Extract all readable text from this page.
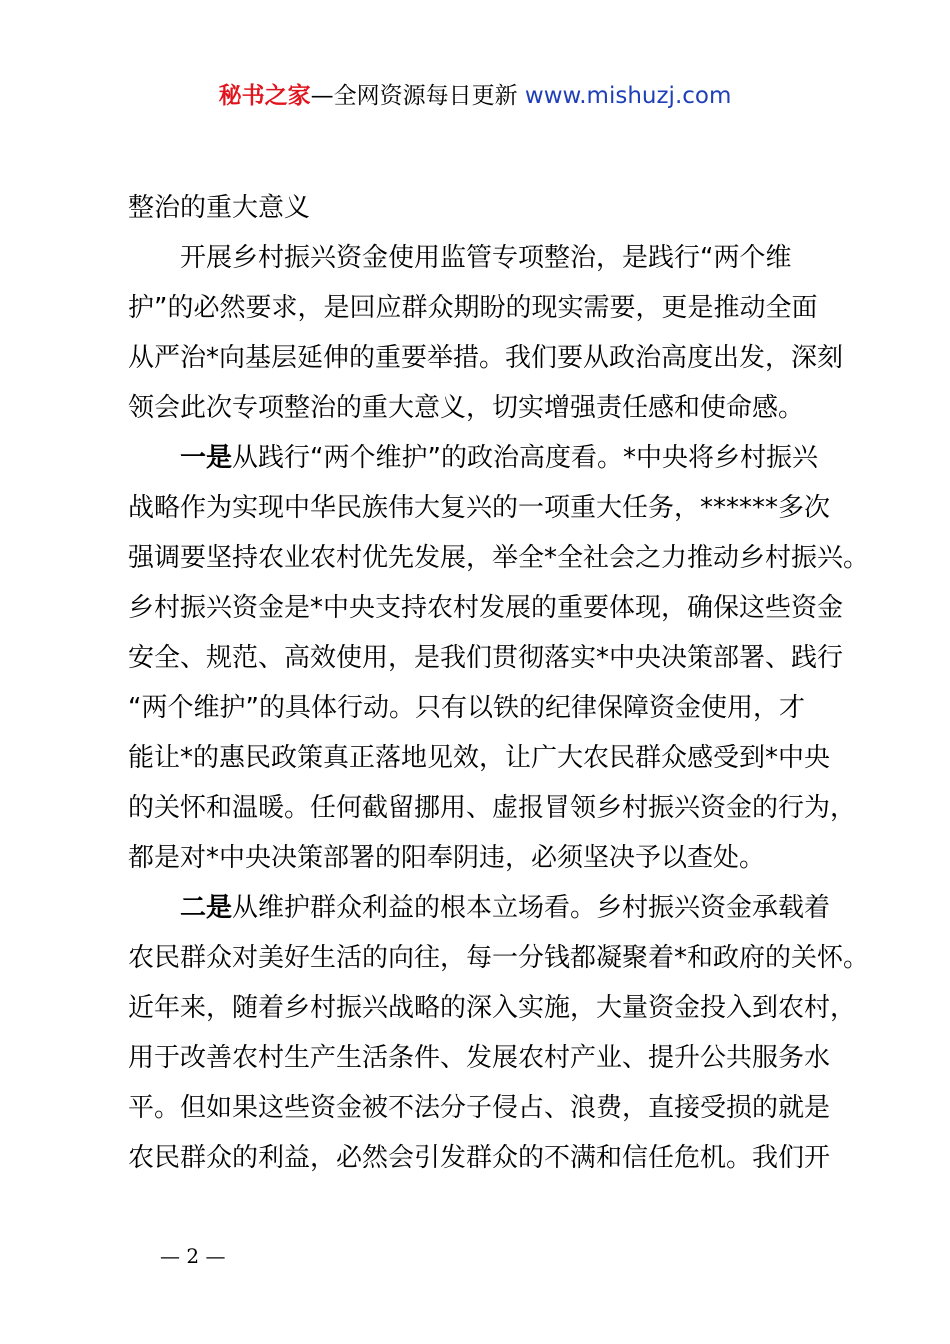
秘书之家—全网资源每日更新 www.mishuzj.com
整治的重大意义
开展乡村振兴资金使用监管专项整治，是践行“两个维
护”的必然要求，是回应群众期盼的现实需要，更是推动全面
从严治*向基层延伸的重要举措。我们要从政治高度出发，深刻
领会此次专项整治的重大意义，切实增强责任感和使命感。
一是从践行“两个维护”的政治高度看。*中央将乡村振兴
战略作为实现中华民族伟大复兴的一项重大任务，******多次
强调要坚持农业农村优先发展，举全*全社会之力推动乡村振兴。
乡村振兴资金是*中央支持农村发展的重要体现，确保这些资金
安全、规范、高效使用，是我们贯彻落实*中央决策部署、践行
“两个维护”的具体行动。只有以铁的纪律保障资金使用，才
能让*的惠民政策真正落地见效，让广大农民群众感受到*中央
的关怀和温暖。任何截留挪用、虚报冒领乡村振兴资金的行为，
都是对*中央决策部署的阳奉阴违，必须坚决予以查处。
二是从维护群众利益的根本立场看。乡村振兴资金承载着
农民群众对美好生活的向往，每一分钱都凝聚着*和政府的关怀。
近年来，随着乡村振兴战略的深入实施，大量资金投入到农村，
用于改善农村生产生活条件、发展农村产业、提升公共服务水
平。但如果这些资金被不法分子侵占、浪费，直接受损的就是
农民群众的利益，必然会引发群众的不满和信任危机。我们开
— 2 —
